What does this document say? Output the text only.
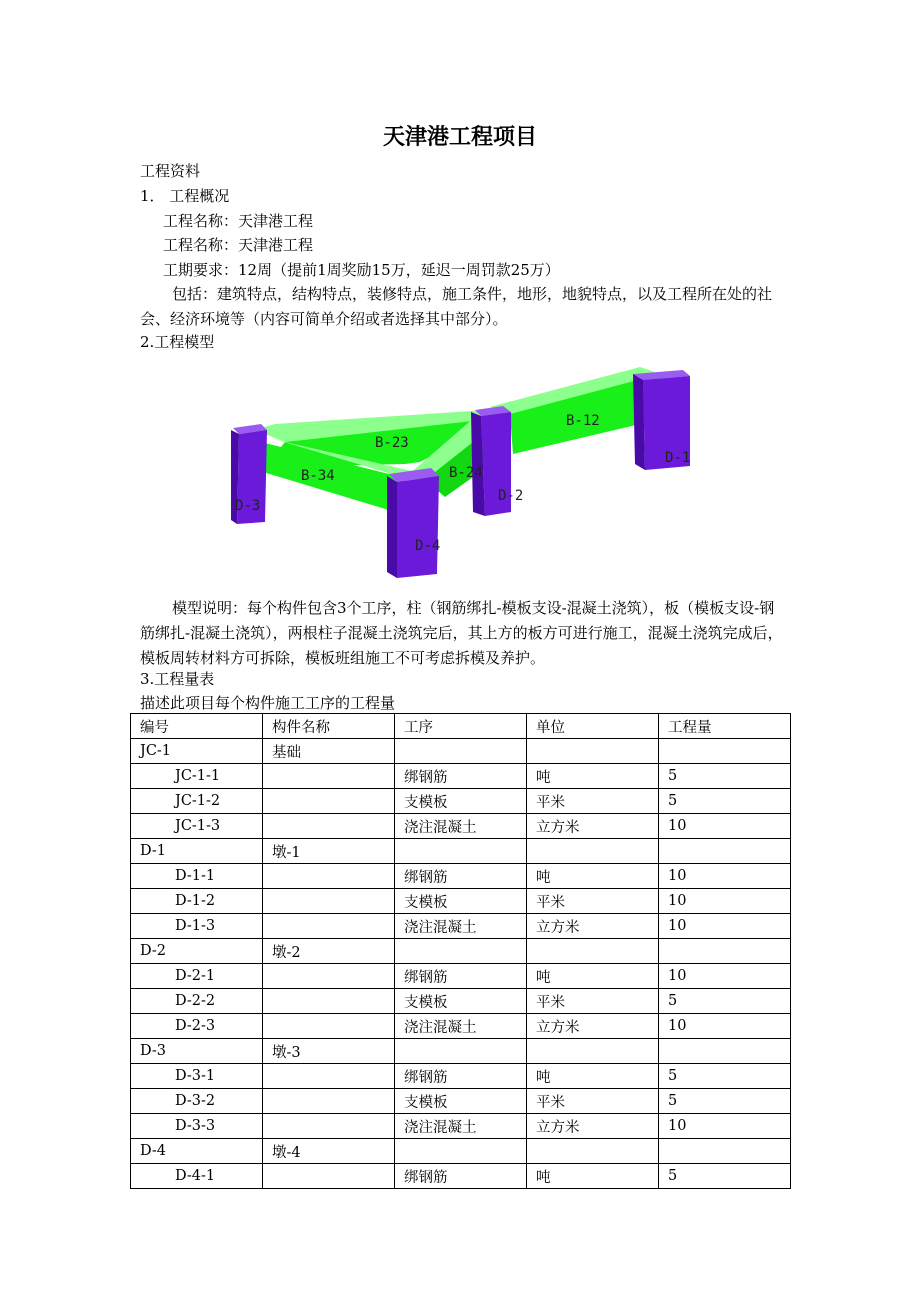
天津港工程项目
工程资料
1． 工程概况
工程名称：天津港工程
工程名称：天津港工程
工期要求：12周（提前1周奖励15万，延迟一周罚款25万）
包括：建筑特点，结构特点，装修特点，施工条件，地形，地貌特点，以及工程所在处的社会、经济环境等（内容可简单介绍或者选择其中部分）。
2.工程模型
B-12
B-23
B-34	B-24
D-1
D-2
D-3
D-4
模型说明：每个构件包含3个工序，柱（钢筋绑扎-模板支设-混凝土浇筑），板（模板支设-钢筋绑扎-混凝土浇筑），两根柱子混凝土浇筑完后，其上方的板方可进行施工，混凝土浇筑完成后，模板周转材料方可拆除，模板班组施工不可考虑拆模及养护。
3.工程量表
描述此项目每个构件施工工序的工程量
编号	构件名称	工序	单位	工程量
JC-1	基础			
JC-1-1		绑钢筋	吨	5
JC-1-2		支模板	平米	5
JC-1-3		浇注混凝土	立方米	10
D-1	墩-1			
D-1-1		绑钢筋	吨	10
D-1-2		支模板	平米	10
D-1-3		浇注混凝土	立方米	10
D-2	墩-2			
D-2-1		绑钢筋	吨	10
D-2-2		支模板	平米	5
D-2-3		浇注混凝土	立方米	10
D-3	墩-3			
D-3-1		绑钢筋	吨	5
D-3-2		支模板	平米	5
D-3-3		浇注混凝土	立方米	10
D-4	墩-4			
D-4-1		绑钢筋	吨	5
